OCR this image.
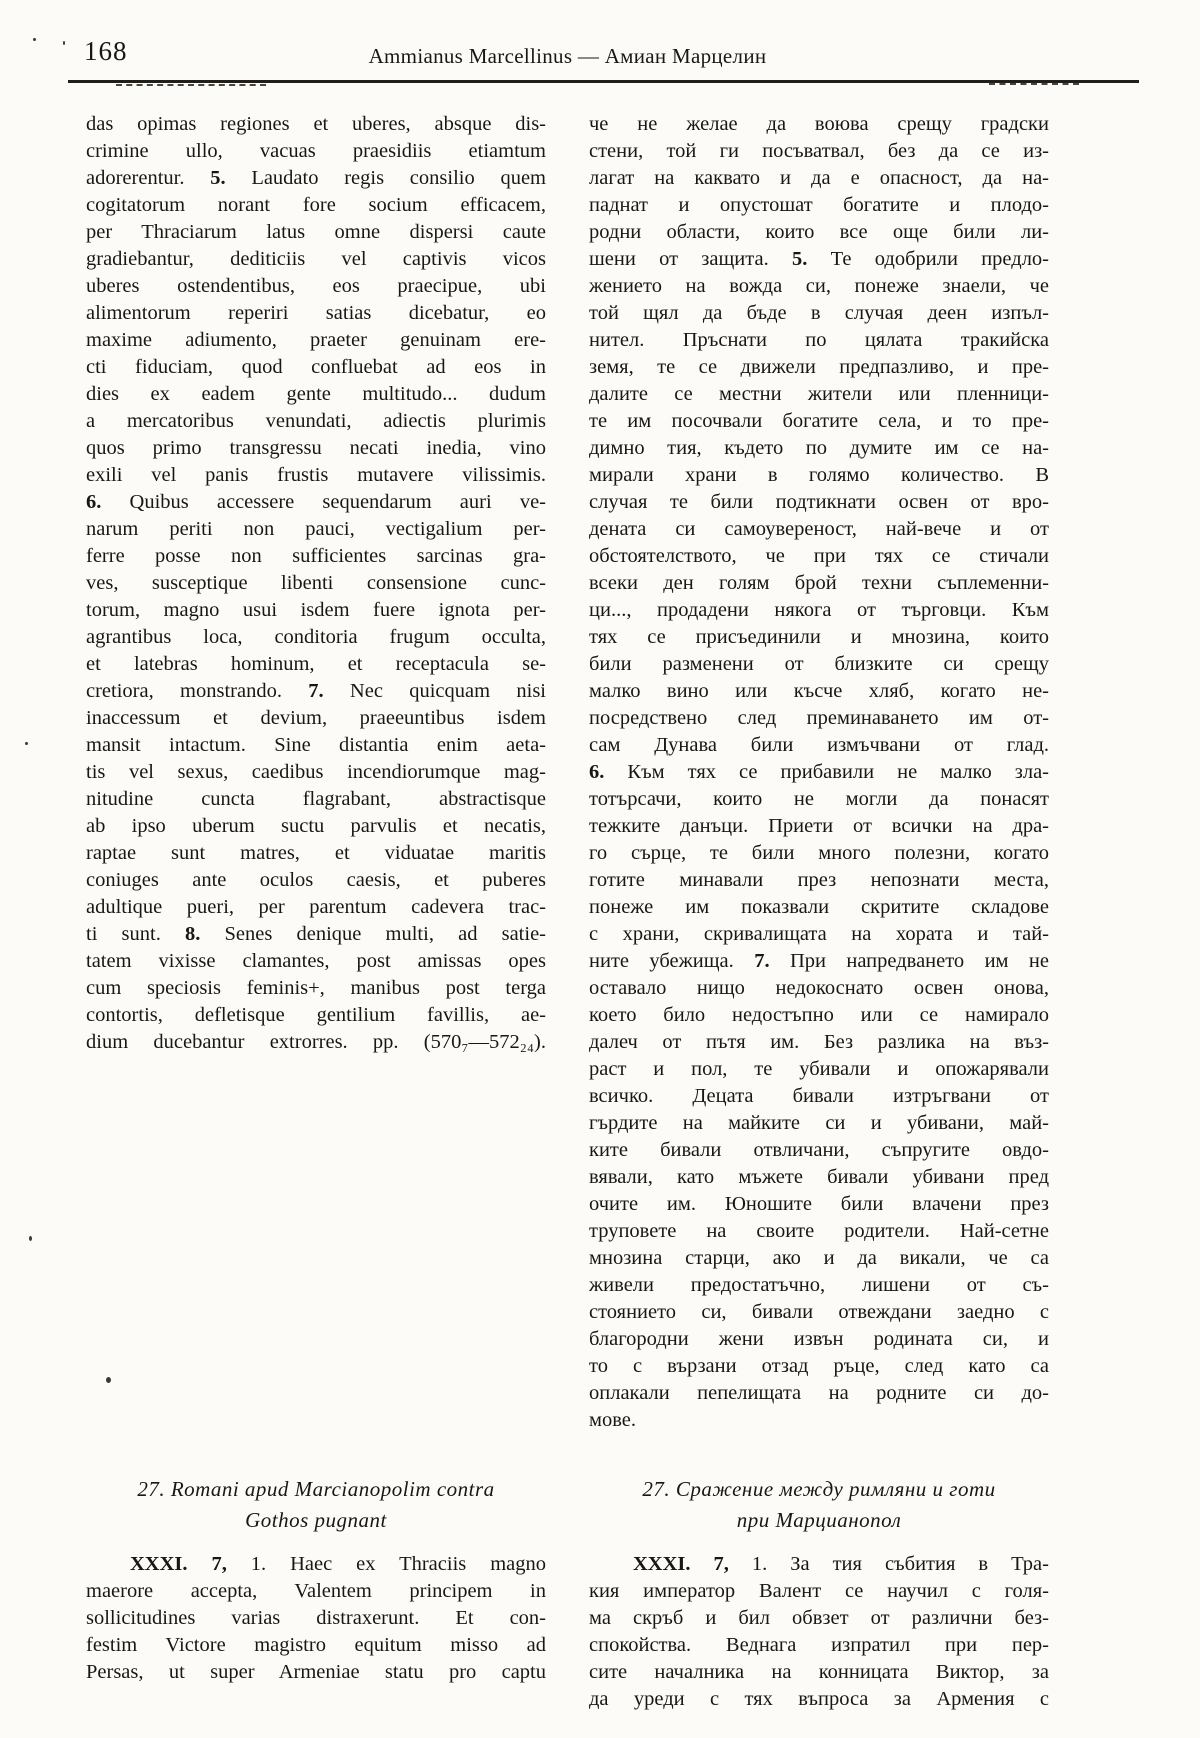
168	Ammianus Marcellinus — Амиан Марцелин
das opimas regiones et uberes, absque dis-
crimine ullo, vacuas praesidiis etiamtum
adorerentur. 5. Laudato regis consilio quem
cogitatorum norant fore socium efficacem,
per Thraciarum latus omne dispersi caute
gradiebantur, dediticiis vel captivis vicos
uberes ostendentibus, eos praecipue, ubi
alimentorum reperiri satias dicebatur, eo
maxime adiumento, praeter genuinam ere-
cti fiduciam, quod confluebat ad eos in
dies ex eadem gente multitudo... dudum
a mercatoribus venundati, adiectis plurimis
quos primo transgressu necati inedia, vino
exili vel panis frustis mutavere vilissimis.
6. Quibus accessere sequendarum auri ve-
narum periti non pauci, vectigalium per-
ferre posse non sufficientes sarcinas gra-
ves, susceptique libenti consensione cunc-
torum, magno usui isdem fuere ignota per-
agrantibus loca, conditoria frugum occulta,
et latebras hominum, et receptacula se-
cretiora, monstrando. 7. Nec quicquam nisi
inaccessum et devium, praeeuntibus isdem
mansit intactum. Sine distantia enim aeta-
tis vel sexus, caedibus incendiorumque mag-
nitudine cuncta flagrabant, abstractisque
ab ipso uberum suctu parvulis et necatis,
raptae sunt matres, et viduatae maritis
coniuges ante oculos caesis, et puberes
adultique pueri, per parentum cadevera trac-
ti sunt. 8. Senes denique multi, ad satie-
tatem vixisse clamantes, post amissas opes
cum speciosis feminis+, manibus post terga
contortis, defletisque gentilium favillis, ae-
dium ducebantur extrorres. pp. (570₇—572₂₄).
че не желае да воюва срещу градски
стени, той ги посъватвал, без да се из-
лагат на каквато и да е опасност, да на-
паднат и опустошат богатите и плодо-
родни области, които все още били ли-
шени от защита. 5. Те одобрили предло-
жението на вожда си, понеже знаели, че
той щял да бъде в случая деен изпъл-
нител. Пръснати по цялата тракийска
земя, те се движели предпазливо, и пре-
далите се местни жители или пленници-
те им посочвали богатите села, и то пре-
димно тия, където по думите им се на-
мирали храни в голямо количество. В
случая те били подтикнати освен от вро-
дената си самоувереност, най-вече и от
обстоятелството, че при тях се стичали
всеки ден голям брой техни съплеменни-
ци..., продадени някога от търговци. Към
тях се присъединили и мнозина, които
били разменени от близките си срещу
малко вино или късче хляб, когато не-
посредствено след преминаването им от-
сам Дунава били измъчвани от глад.
6. Към тях се прибавили не малко зла-
тотърсачи, които не могли да понасят
тежките данъци. Приети от всички на дра-
го сърце, те били много полезни, когато
готите минавали през непознати места,
понеже им показвали скритите складове
с храни, скривалищата на хората и тай-
ните убежища. 7. При напредването им не
оставало нищо недокоснато освен онова,
което било недостъпно или се намирало
далеч от пътя им. Без разлика на въз-
раст и пол, те убивали и опожарявали
всичко. Децата бивали изтръгвани от
гърдите на майките си и убивани, май-
ките бивали отвличани, съпругите овдо-
вявали, като мъжете бивали убивани пред
очите им. Юношите били влачени през
труповете на своите родители. Най-сетне
мнозина старци, ако и да викали, че са
живели предостатъчно, лишени от съ-
стоянието си, бивали отвеждани заедно с
благородни жени извън родината си, и
то с вързани отзад ръце, след като са
оплакали пепелищата на родните си до-
мове.
27. Romani apud Marcianopolim contra
Gothos pugnant
XXXI. 7, 1. Haec ex Thraciis magno
maerore accepta, Valentem principem in
sollicitudines varias distraxerunt. Et con-
festim Victore magistro equitum misso ad
Persas, ut super Armeniae statu pro captu
27. Сражение между римляни и готи
при Марцианопол
XXXI. 7, 1. За тия събития в Тра-
кия император Валент се научил с голя-
ма скръб и бил обвзет от различни без-
спокойства. Веднага изпратил при пер-
сите началника на конницата Виктор, за
да уреди с тях въпроса за Армения с
